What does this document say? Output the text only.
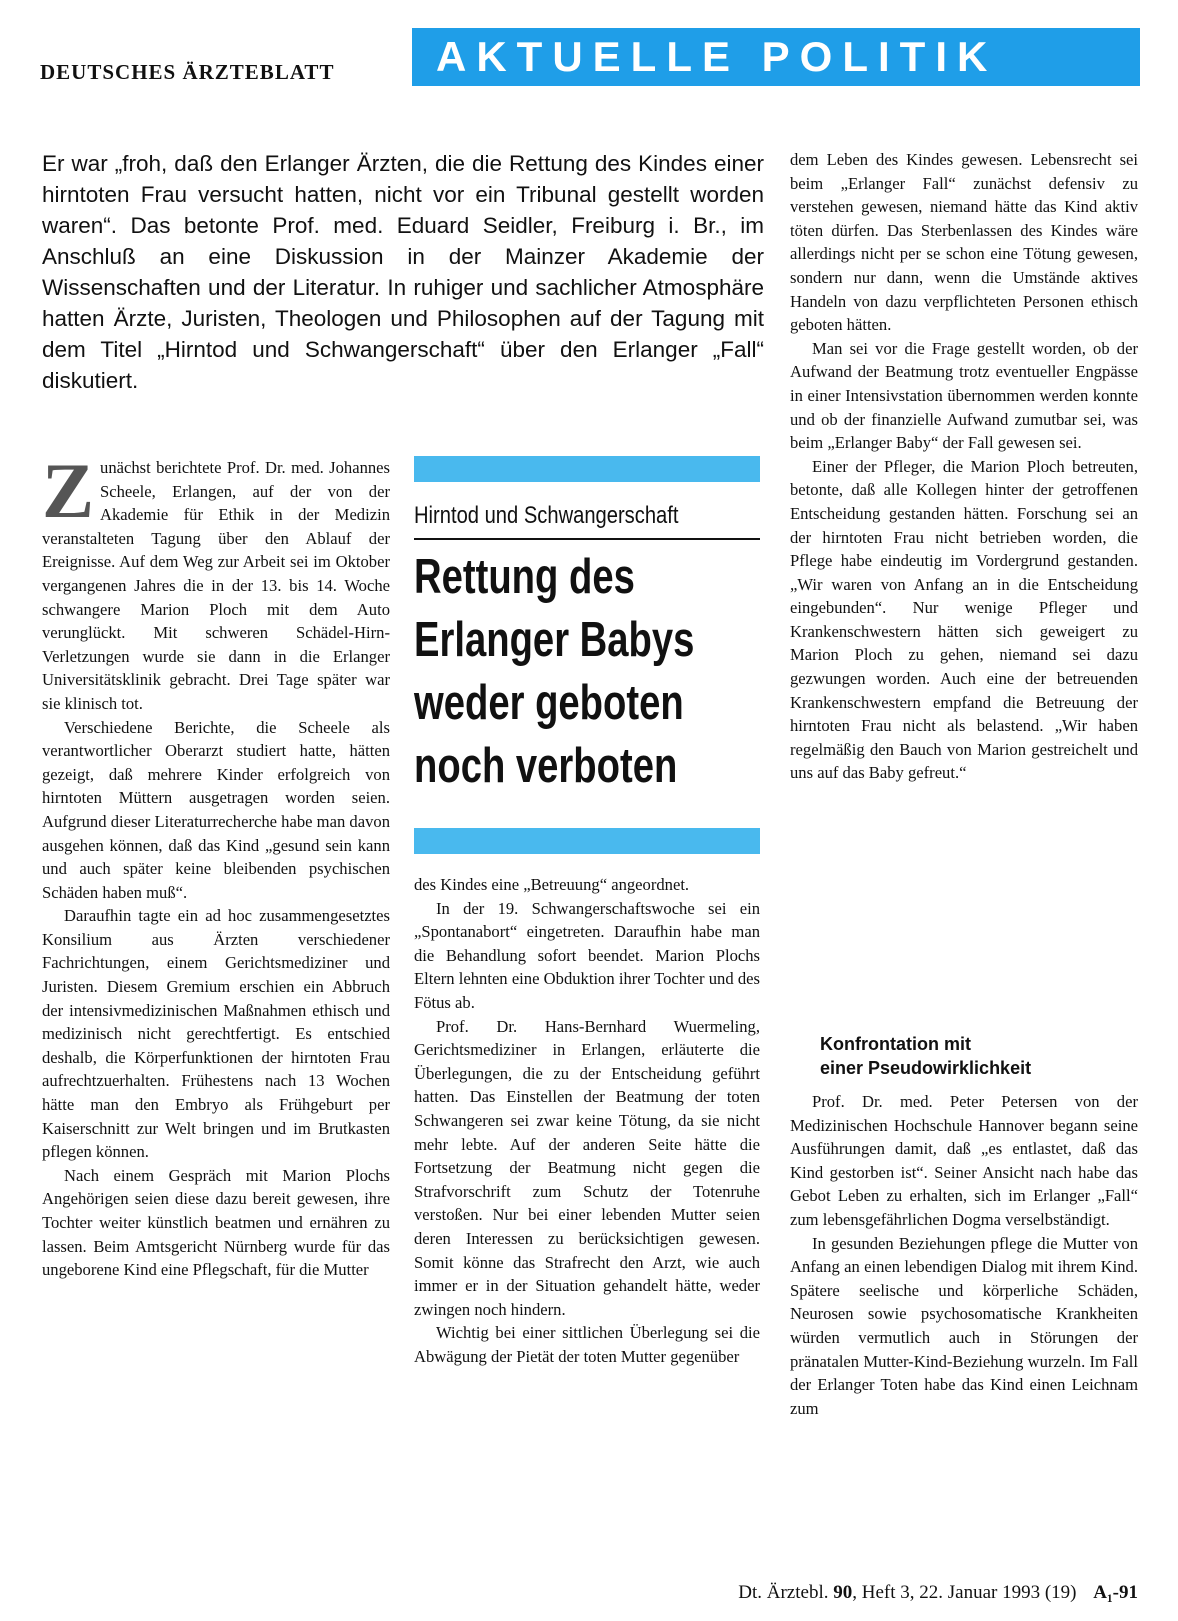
DEUTSCHES ÄRZTEBLATT	AKTUELLE POLITIK
Er war „froh, daß den Erlanger Ärzten, die die Rettung des Kindes einer hirntoten Frau versucht hatten, nicht vor ein Tribunal gestellt worden waren“. Das betonte Prof. med. Eduard Seidler, Freiburg i. Br., im Anschluß an eine Diskussion in der Mainzer Akademie der Wissenschaften und der Literatur. In ruhiger und sachlicher Atmosphäre hatten Ärzte, Juristen, Theologen und Philosophen auf der Tagung mit dem Titel „Hirntod und Schwangerschaft“ über den Erlanger „Fall“ diskutiert.
Z unächst berichtete Prof. Dr. med. Johannes Scheele, Erlangen, auf der von der Akademie für Ethik in der Medizin veranstalteten Tagung über den Ablauf der Ereignisse. Auf dem Weg zur Arbeit sei im Oktober vergangenen Jahres die in der 13. bis 14. Woche schwangere Marion Ploch mit dem Auto verunglückt. Mit schweren Schädel-Hirn-Verletzungen wurde sie dann in die Erlanger Universitätsklinik gebracht. Drei Tage später war sie klinisch tot.

Verschiedene Berichte, die Scheele als verantwortlicher Oberarzt studiert hatte, hätten gezeigt, daß mehrere Kinder erfolgreich von hirntoten Müttern ausgetragen worden seien. Aufgrund dieser Literaturrecherche habe man davon ausgehen können, daß das Kind „gesund sein kann und auch später keine bleibenden psychischen Schäden haben muß“.

Daraufhin tagte ein ad hoc zusammengesetztes Konsilium aus Ärzten verschiedener Fachrichtungen, einem Gerichtsmediziner und Juristen. Diesem Gremium erschien ein Abbruch der intensivmedizinischen Maßnahmen ethisch und medizinisch nicht gerechtfertigt. Es entschied deshalb, die Körperfunktionen der hirntoten Frau aufrechtzuerhalten. Frühestens nach 13 Wochen hätte man den Embryo als Frühgeburt per Kaiserschnitt zur Welt bringen und im Brutkasten pflegen können.

Nach einem Gespräch mit Marion Plochs Angehörigen seien diese dazu bereit gewesen, ihre Tochter weiter künstlich beatmen und ernähren zu lassen. Beim Amtsgericht Nürnberg wurde für das ungeborene Kind eine Pflegschaft, für die Mutter

Hirntod und Schwangerschaft
Rettung des Erlanger Babys weder geboten noch verboten

des Kindes eine „Betreuung“ angeordnet.

In der 19. Schwangerschaftswoche sei ein „Spontanabort“ eingetreten. Daraufhin habe man die Behandlung sofort beendet. Marion Plochs Eltern lehnten eine Obduktion ihrer Tochter und des Fötus ab.

Prof. Dr. Hans-Bernhard Wuermeling, Gerichtsmediziner in Erlangen, erläuterte die Überlegungen, die zu der Entscheidung geführt hatten. Das Einstellen der Beatmung der toten Schwangeren sei zwar keine Tötung, da sie nicht mehr lebte. Auf der anderen Seite hätte die Fortsetzung der Beatmung nicht gegen die Strafvorschrift zum Schutz der Totenruhe verstoßen. Nur bei einer lebenden Mutter seien deren Interessen zu berücksichtigen gewesen. Somit könne das Strafrecht den Arzt, wie auch immer er in der Situation gehandelt hätte, weder zwingen noch hindern.

Wichtig bei einer sittlichen Überlegung sei die Abwägung der Pietät der toten Mutter gegenüber

dem Leben des Kindes gewesen. Lebensrecht sei beim „Erlanger Fall“ zunächst defensiv zu verstehen gewesen, niemand hätte das Kind aktiv töten dürfen. Das Sterbenlassen des Kindes wäre allerdings nicht per se schon eine Tötung gewesen, sondern nur dann, wenn die Umstände aktives Handeln von dazu verpflichteten Personen ethisch geboten hätten.

Man sei vor die Frage gestellt worden, ob der Aufwand der Beatmung trotz eventueller Engpässe in einer Intensivstation übernommen werden konnte und ob der finanzielle Aufwand zumutbar sei, was beim „Erlanger Baby“ der Fall gewesen sei.

Einer der Pfleger, die Marion Ploch betreuten, betonte, daß alle Kollegen hinter der getroffenen Entscheidung gestanden hätten. Forschung sei an der hirntoten Frau nicht betrieben worden, die Pflege habe eindeutig im Vordergrund gestanden. „Wir waren von Anfang an in die Entscheidung eingebunden“. Nur wenige Pfleger und Krankenschwestern hätten sich geweigert zu Marion Ploch zu gehen, niemand sei dazu gezwungen worden. Auch eine der betreuenden Krankenschwestern empfand die Betreuung der hirntoten Frau nicht als belastend. „Wir haben regelmäßig den Bauch von Marion gestreichelt und uns auf das Baby gefreut.“

Konfrontation mit
einer Pseudowirklichkeit

Prof. Dr. med. Peter Petersen von der Medizinischen Hochschule Hannover begann seine Ausführungen damit, daß „es entlastet, daß das Kind gestorben ist“. Seiner Ansicht nach habe das Gebot Leben zu erhalten, sich im Erlanger „Fall“ zum lebensgefährlichen Dogma verselbständigt.

In gesunden Beziehungen pflege die Mutter von Anfang an einen lebendigen Dialog mit ihrem Kind. Spätere seelische und körperliche Schäden, Neurosen sowie psychosomatische Krankheiten würden vermutlich auch in Störungen der pränatalen Mutter-Kind-Beziehung wurzeln. Im Fall der Erlanger Toten habe das Kind einen Leichnam zum

Dt. Ärztebl. 90, Heft 3, 22. Januar 1993 (19) A₁-91
